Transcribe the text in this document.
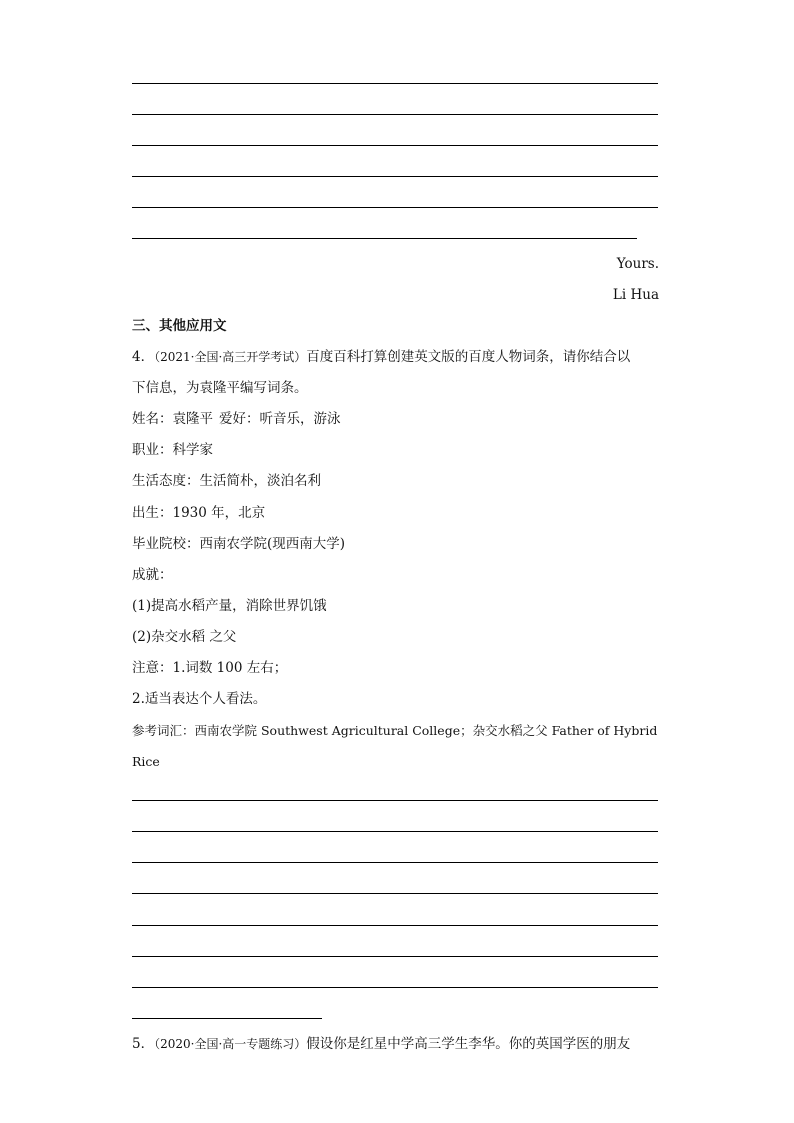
Yours.
Li Hua
三、其他应用文
4．（2021·全国·高三开学考试）百度百科打算创建英文版的百度人物词条，请你结合以
下信息，为袁隆平编写词条。
姓名：袁隆平 爱好：听音乐，游泳
职业：科学家
生活态度：生活简朴，淡泊名利
出生：1930 年，北京
毕业院校：西南农学院(现西南大学)
成就：
(1)提高水稻产量，消除世界饥饿
(2)杂交水稻 之父
注意：1.词数 100 左右；
2.适当表达个人看法。
参考词汇：西南农学院 Southwest Agricultural College；杂交水稻之父 Father of Hybrid
Rice
5．（2020·全国·高一专题练习）假设你是红星中学高三学生李华。你的英国学医的朋友
